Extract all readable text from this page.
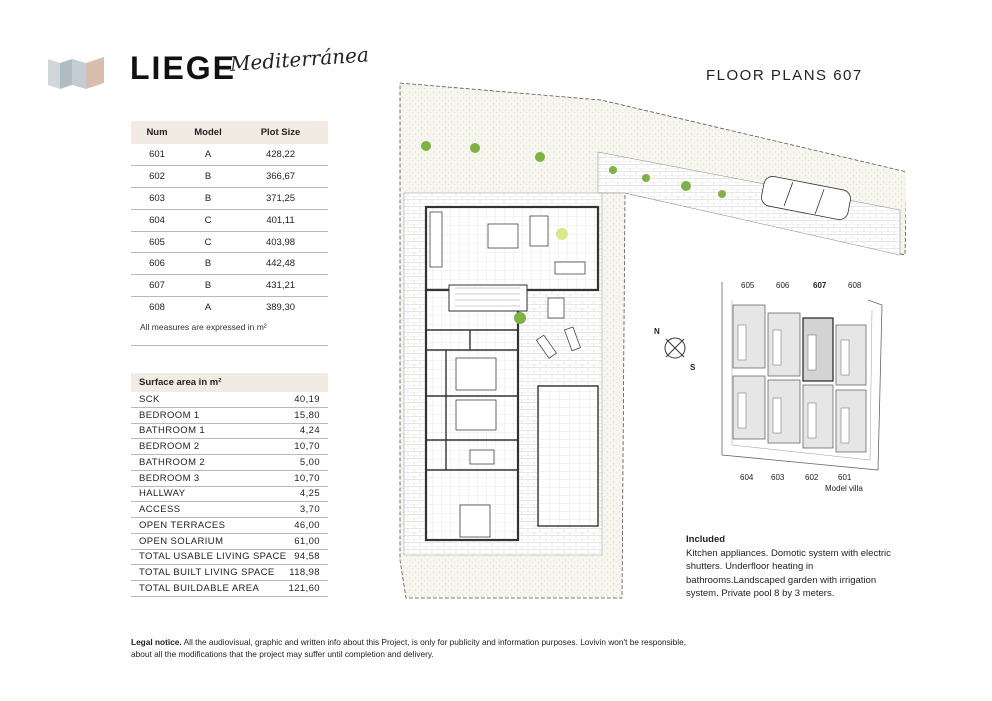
LIEGE
Mediterránea	FLOOR PLANS 607
Num	Model	Plot Size
601	A	428,22
602	B	366,67
603	B	371,25
604	C	401,11
605	C	403,98
606	B	442,48
607	B	431,21
608	A	389,30
All measures are expressed in m²
Surface area in m²
SCK	40,19
BEDROOM 1	15,80
BATHROOM 1	4,24
BEDROOM 2	10,70
BATHROOM 2	5,00
BEDROOM 3	10,70
HALLWAY	4,25
ACCESS	3,70
OPEN TERRACES	46,00
OPEN SOLARIUM	61,00
TOTAL USABLE LIVING SPACE 94,58
TOTAL BUILT LIVING SPACE 118,98
TOTAL BUILDABLE AREA	121,60
N
S
605	606	607	608
604 603	602 601
Model villa
Included
Kitchen appliances. Domotic system with electric shutters. Underfloor heating in bathrooms.Landscaped garden with irrigation system. Private pool 8 by 3 meters.
Legal notice. All the audiovisual, graphic and written info about this Project, is only for publicity and information purposes. Lovivin won't be responsible, about all the modifications that the project may suffer until completion and delivery.
